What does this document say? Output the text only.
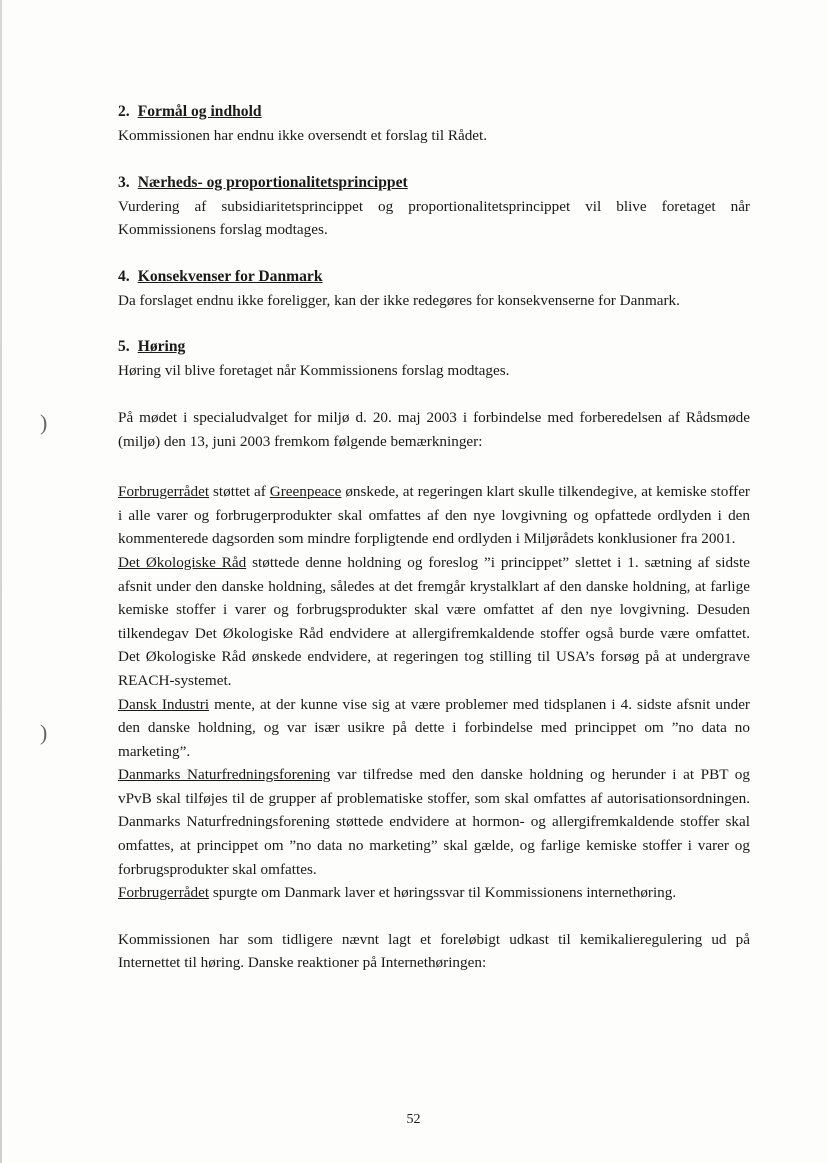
)
)
2. Formål og indhold

Kommissionen har endnu ikke oversendt et forslag til Rådet.

3. Nærheds- og proportionalitetsprincippet

Vurdering af subsidiaritetsprincippet og proportionalitetsprincippet vil blive foretaget når Kommissionens forslag modtages.

4. Konsekvenser for Danmark

Da forslaget endnu ikke foreligger, kan der ikke redegøres for konsekvenserne for Danmark.

5. Høring

Høring vil blive foretaget når Kommissionens forslag modtages.

På mødet i specialudvalget for miljø d. 20. maj 2003 i forbindelse med forberedelsen af Rådsmøde (miljø) den 13, juni 2003 fremkom følgende bemærkninger:

Forbrugerrådet støttet af Greenpeace ønskede, at regeringen klart skulle tilkendegive, at kemiske stoffer i alle varer og forbrugerprodukter skal omfattes af den nye lovgivning og opfattede ordlyden i den kommenterede dagsorden som mindre forpligtende end ordlyden i Miljørådets konklusioner fra 2001.

Det Økologiske Råd støttede denne holdning og foreslog ”i princippet” slettet i 1. sætning af sidste afsnit under den danske holdning, således at det fremgår krystalklart af den danske holdning, at farlige kemiske stoffer i varer og forbrugsprodukter skal være omfattet af den nye lovgivning. Desuden tilkendegav Det Økologiske Råd endvidere at allergifremkaldende stoffer også burde være omfattet. Det Økologiske Råd ønskede endvidere, at regeringen tog stilling til USA’s forsøg på at undergrave REACH-systemet.

Dansk Industri mente, at der kunne vise sig at være problemer med tidsplanen i 4. sidste afsnit under den danske holdning, og var især usikre på dette i forbindelse med princippet om ”no data no marketing”.

Danmarks Naturfredningsforening var tilfredse med den danske holdning og herunder i at PBT og vPvB skal tilføjes til de grupper af problematiske stoffer, som skal omfattes af autorisationsordningen. Danmarks Naturfredningsforening støttede endvidere at hormon- og allergifremkaldende stoffer skal omfattes, at princippet om ”no data no marketing” skal gælde, og farlige kemiske stoffer i varer og forbrugsprodukter skal omfattes.

Forbrugerrådet spurgte om Danmark laver et høringssvar til Kommissionens internethøring.

Kommissionen har som tidligere nævnt lagt et foreløbigt udkast til kemikalieregulering ud på Internettet til høring. Danske reaktioner på Internethøringen:

52
